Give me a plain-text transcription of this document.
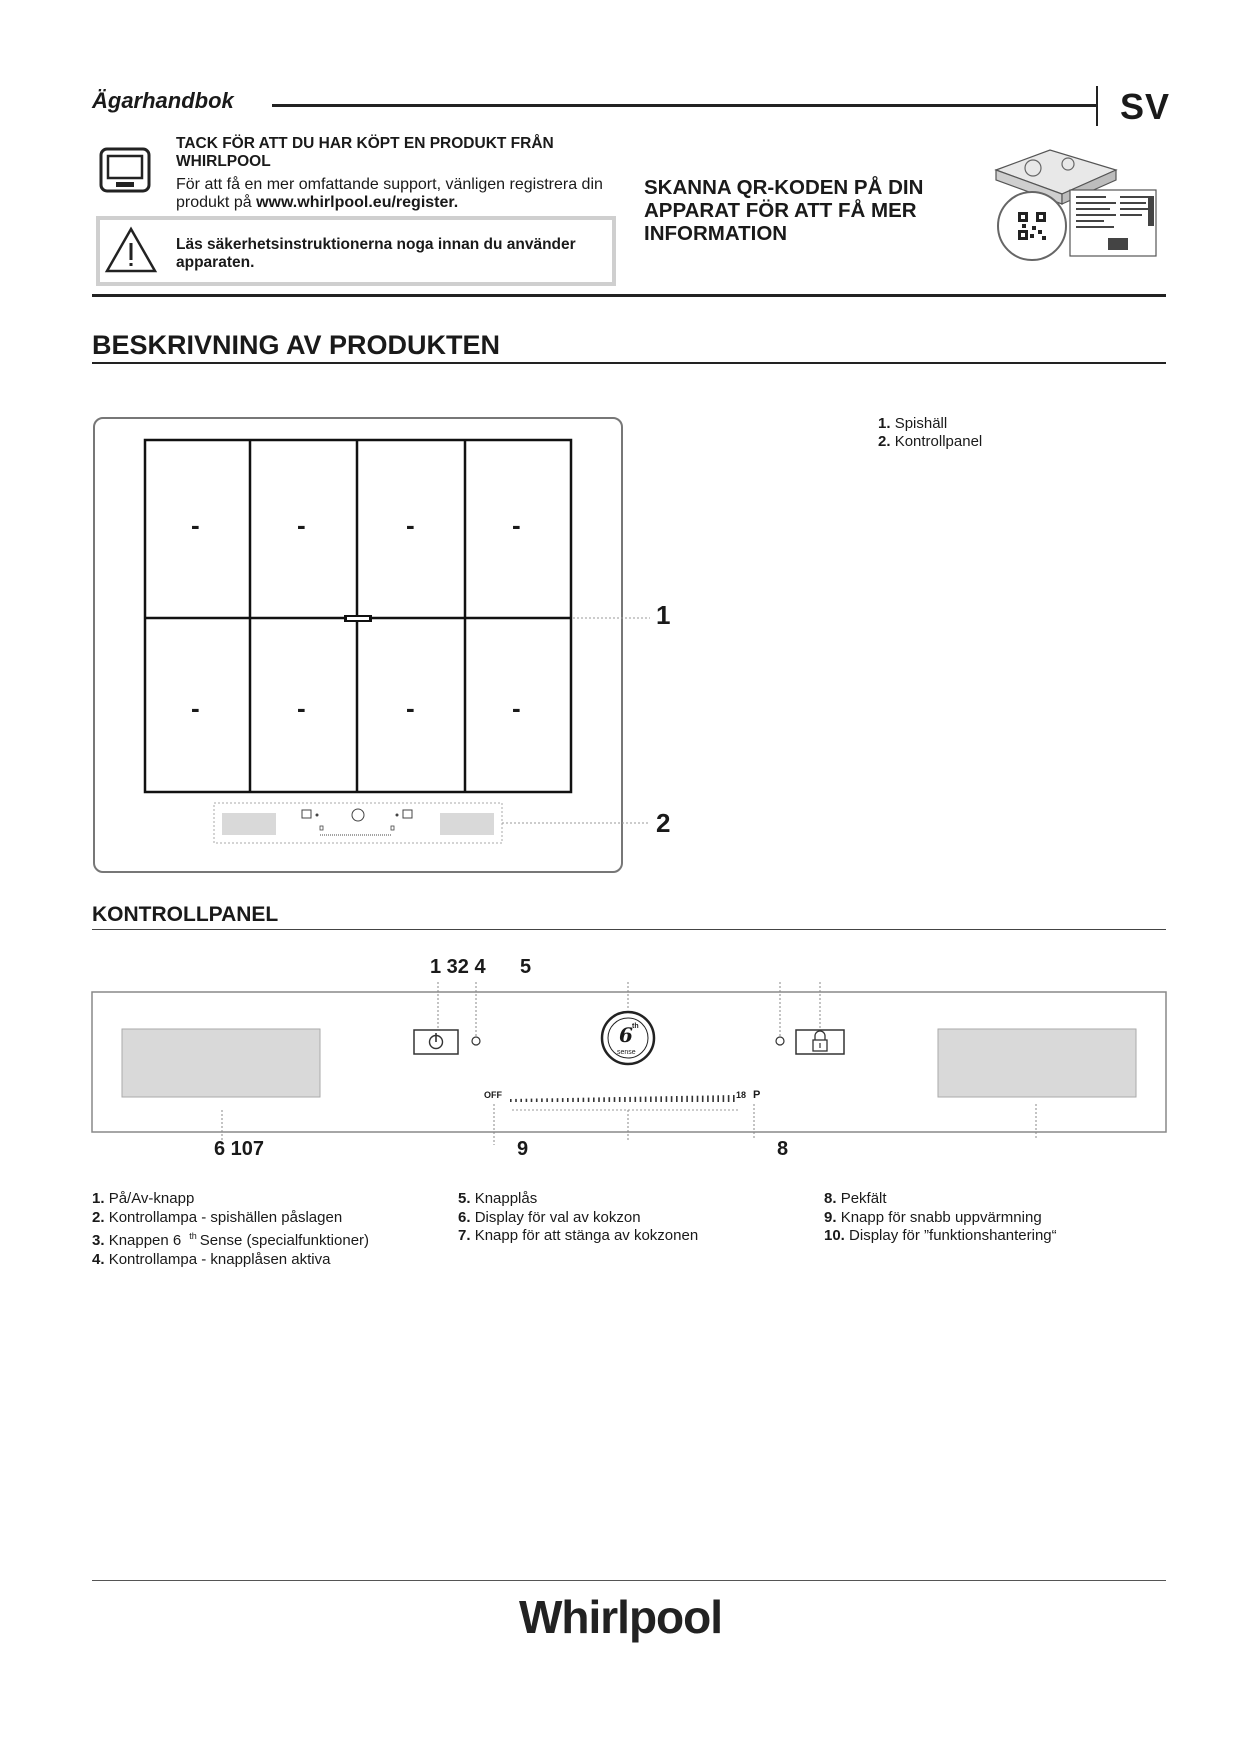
Ägarhandbok	SV
TACK FÖR ATT DU HAR KÖPT EN PRODUKT FRÅN WHIRLPOOL
För att få en mer omfattande support, vänligen registrera din produkt på www.whirlpool.eu/register.
Läs säkerhetsinstruktionerna noga innan du använder apparaten.
SKANNA QR-KODEN PÅ DIN APPARAT FÖR ATT FÅ MER INFORMATION
BESKRIVNING AV PRODUKTEN
-	-	-	-
-	-	-	-
1
2
1. Spishäll
2. Kontrollpanel
KONTROLLPANEL
1 32 4 5
6 th
sense
OFF	18 P
6 107	9	8
1. På/Av-knapp
2. Kontrollampa - spishällen påslagen
3. Knappen 6 $^{th}$ Sense (specialfunktioner)
4. Kontrollampa - knapplåsen aktiva
5. Knapplås
6. Display för val av kokzon
7. Knapp för att stänga av kokzonen
8. Pekfält
9. Knapp för snabb uppvärmning
10. Display för ”funktionshantering“
Whirlpool
